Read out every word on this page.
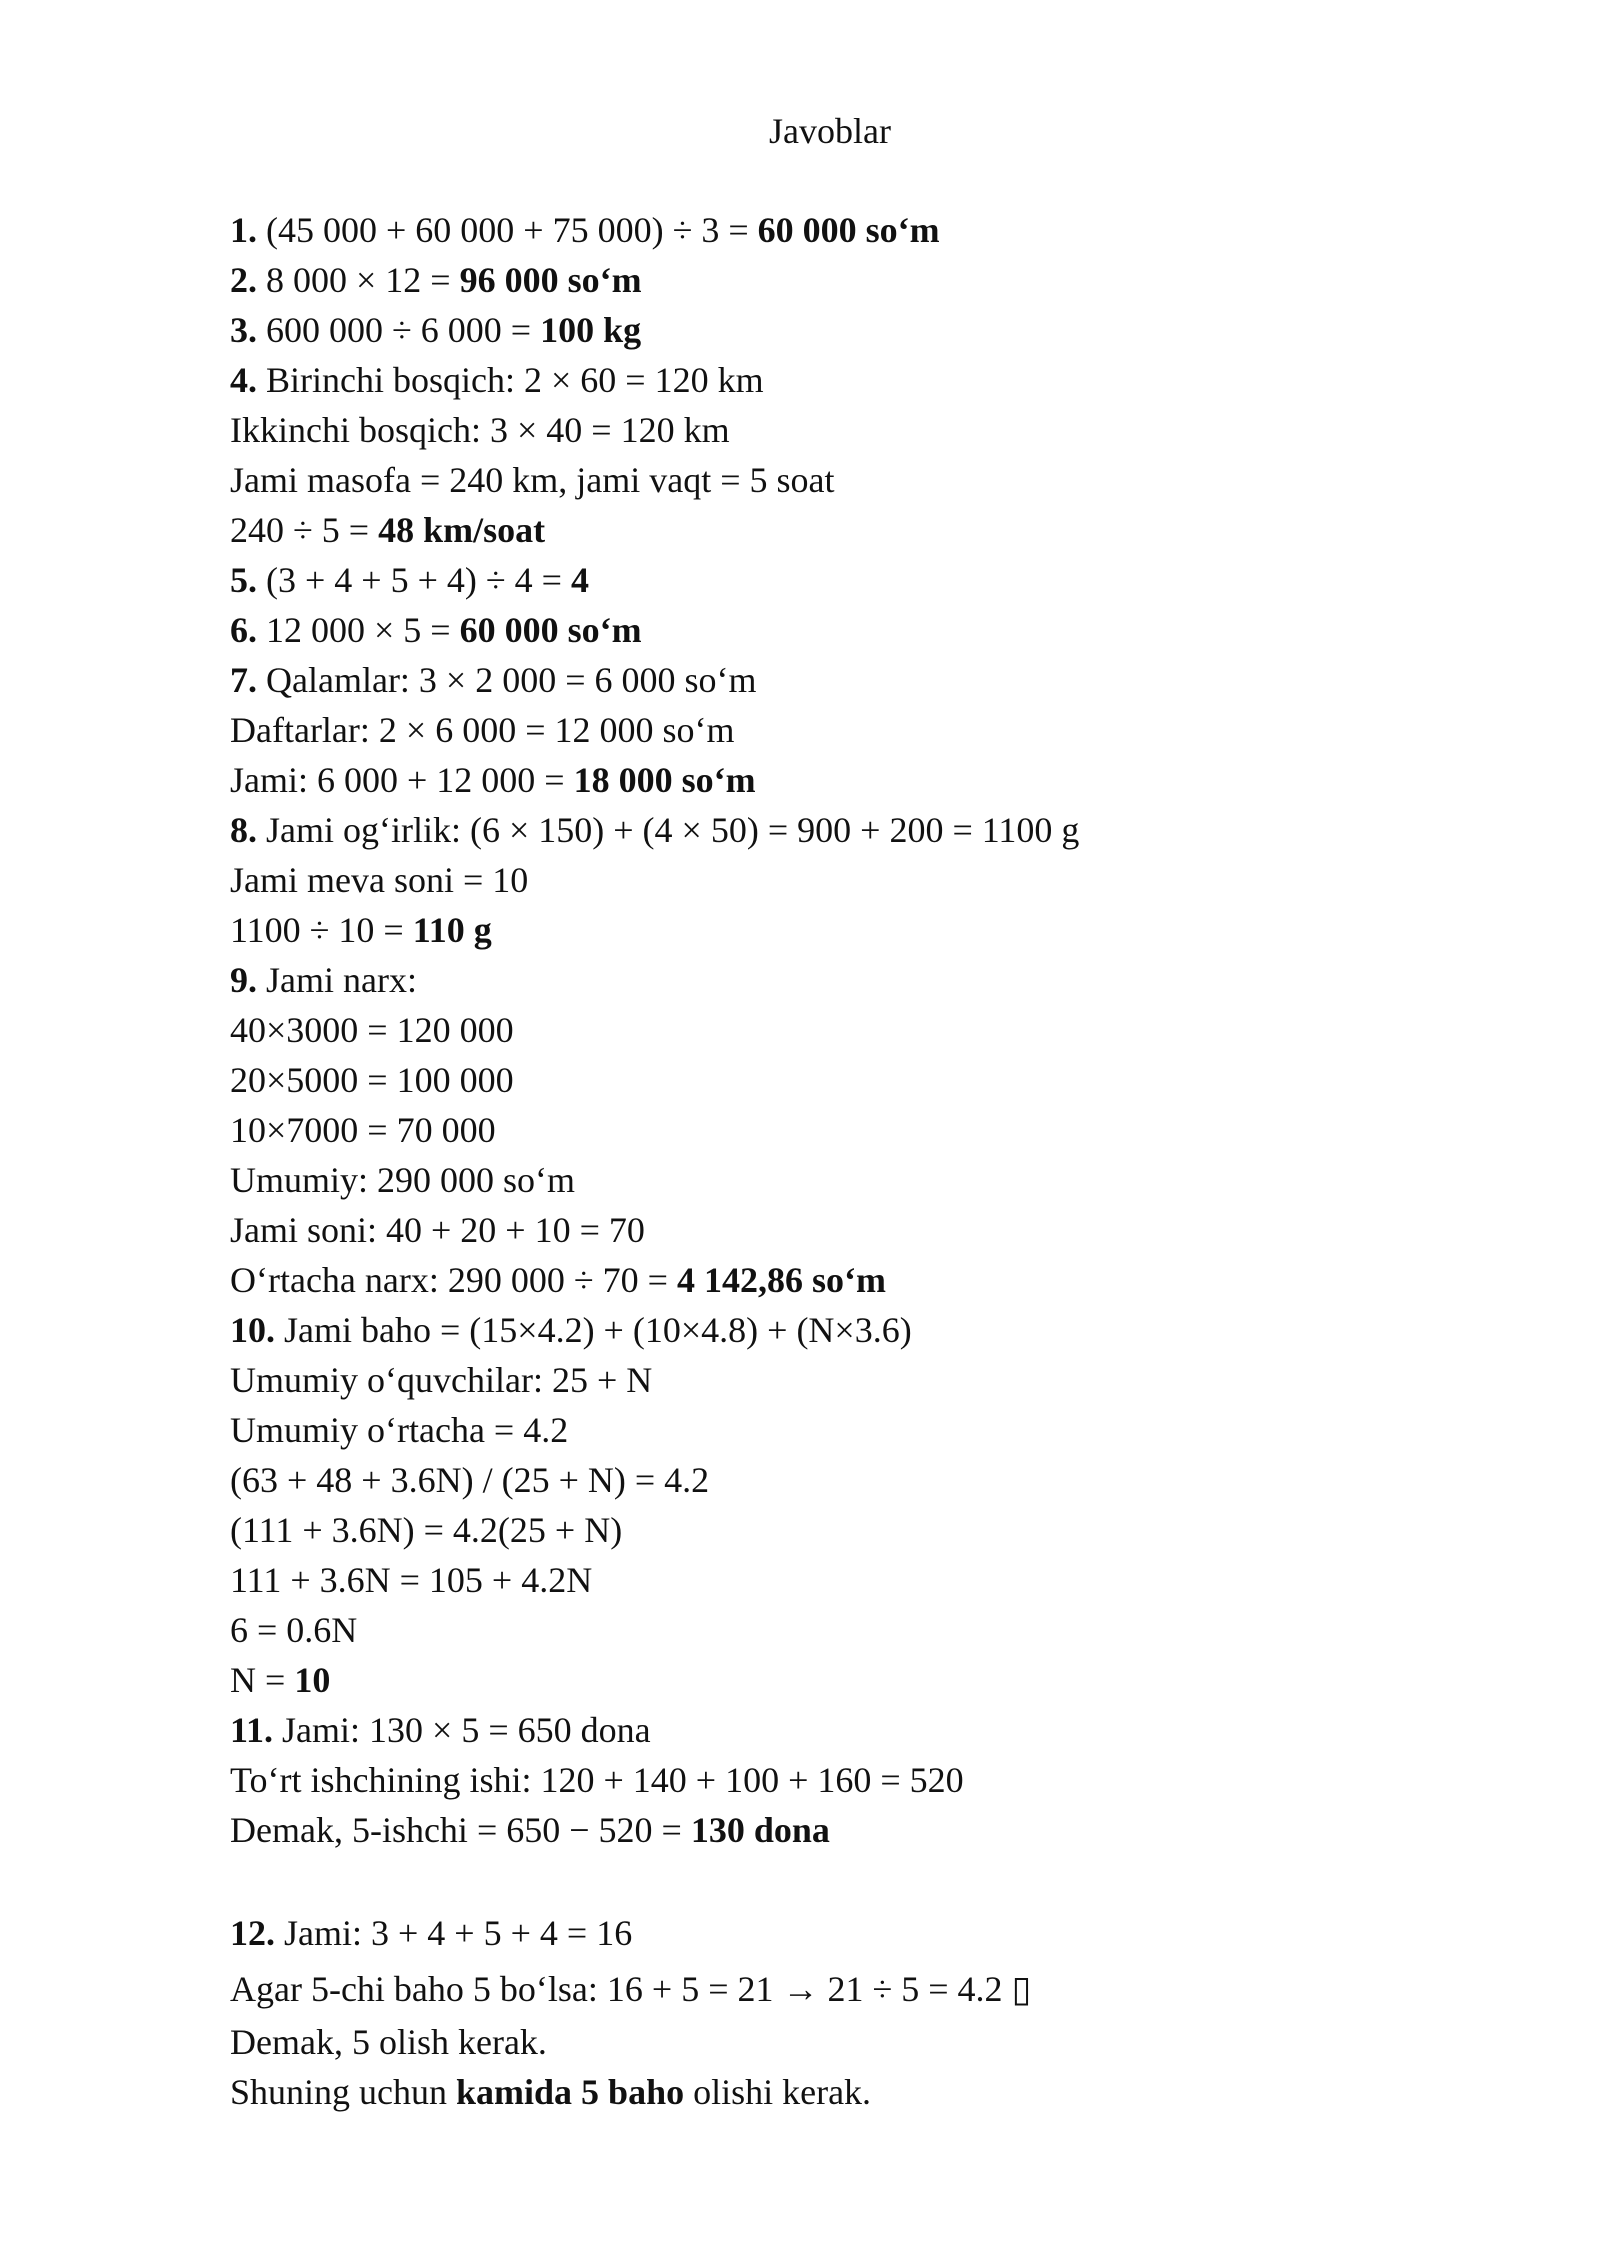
Javoblar
1. (45 000 + 60 000 + 75 000) ÷ 3 = 60 000 so‘m
2. 8 000 × 12 = 96 000 so‘m
3. 600 000 ÷ 6 000 = 100 kg
4. Birinchi bosqich: 2 × 60 = 120 km
Ikkinchi bosqich: 3 × 40 = 120 km
Jami masofa = 240 km, jami vaqt = 5 soat
240 ÷ 5 = 48 km/soat
5. (3 + 4 + 5 + 4) ÷ 4 = 4
6. 12 000 × 5 = 60 000 so‘m
7. Qalamlar: 3 × 2 000 = 6 000 so‘m
Daftarlar: 2 × 6 000 = 12 000 so‘m
Jami: 6 000 + 12 000 = 18 000 so‘m
8. Jami og‘irlik: (6 × 150) + (4 × 50) = 900 + 200 = 1100 g
Jami meva soni = 10
1100 ÷ 10 = 110 g
9. Jami narx:
40×3000 = 120 000
20×5000 = 100 000
10×7000 = 70 000
Umumiy: 290 000 so‘m
Jami soni: 40 + 20 + 10 = 70
O‘rtacha narx: 290 000 ÷ 70 = 4 142,86 so‘m
10. Jami baho = (15×4.2) + (10×4.8) + (N×3.6)
Umumiy o‘quvchilar: 25 + N
Umumiy o‘rtacha = 4.2
(63 + 48 + 3.6N) / (25 + N) = 4.2
(111 + 3.6N) = 4.2(25 + N)
111 + 3.6N = 105 + 4.2N
6 = 0.6N
N = 10
11. Jami: 130 × 5 = 650 dona
To‘rt ishchining ishi: 120 + 140 + 100 + 160 = 520
Demak, 5-ishchi = 650 − 520 = 130 dona
12. Jami: 3 + 4 + 5 + 4 = 16
Agar 5-chi baho 5 bo‘lsa: 16 + 5 = 21 → 21 ÷ 5 = 4.2 ▯
Demak, 5 olish kerak.
Shuning uchun kamida 5 baho olishi kerak.
